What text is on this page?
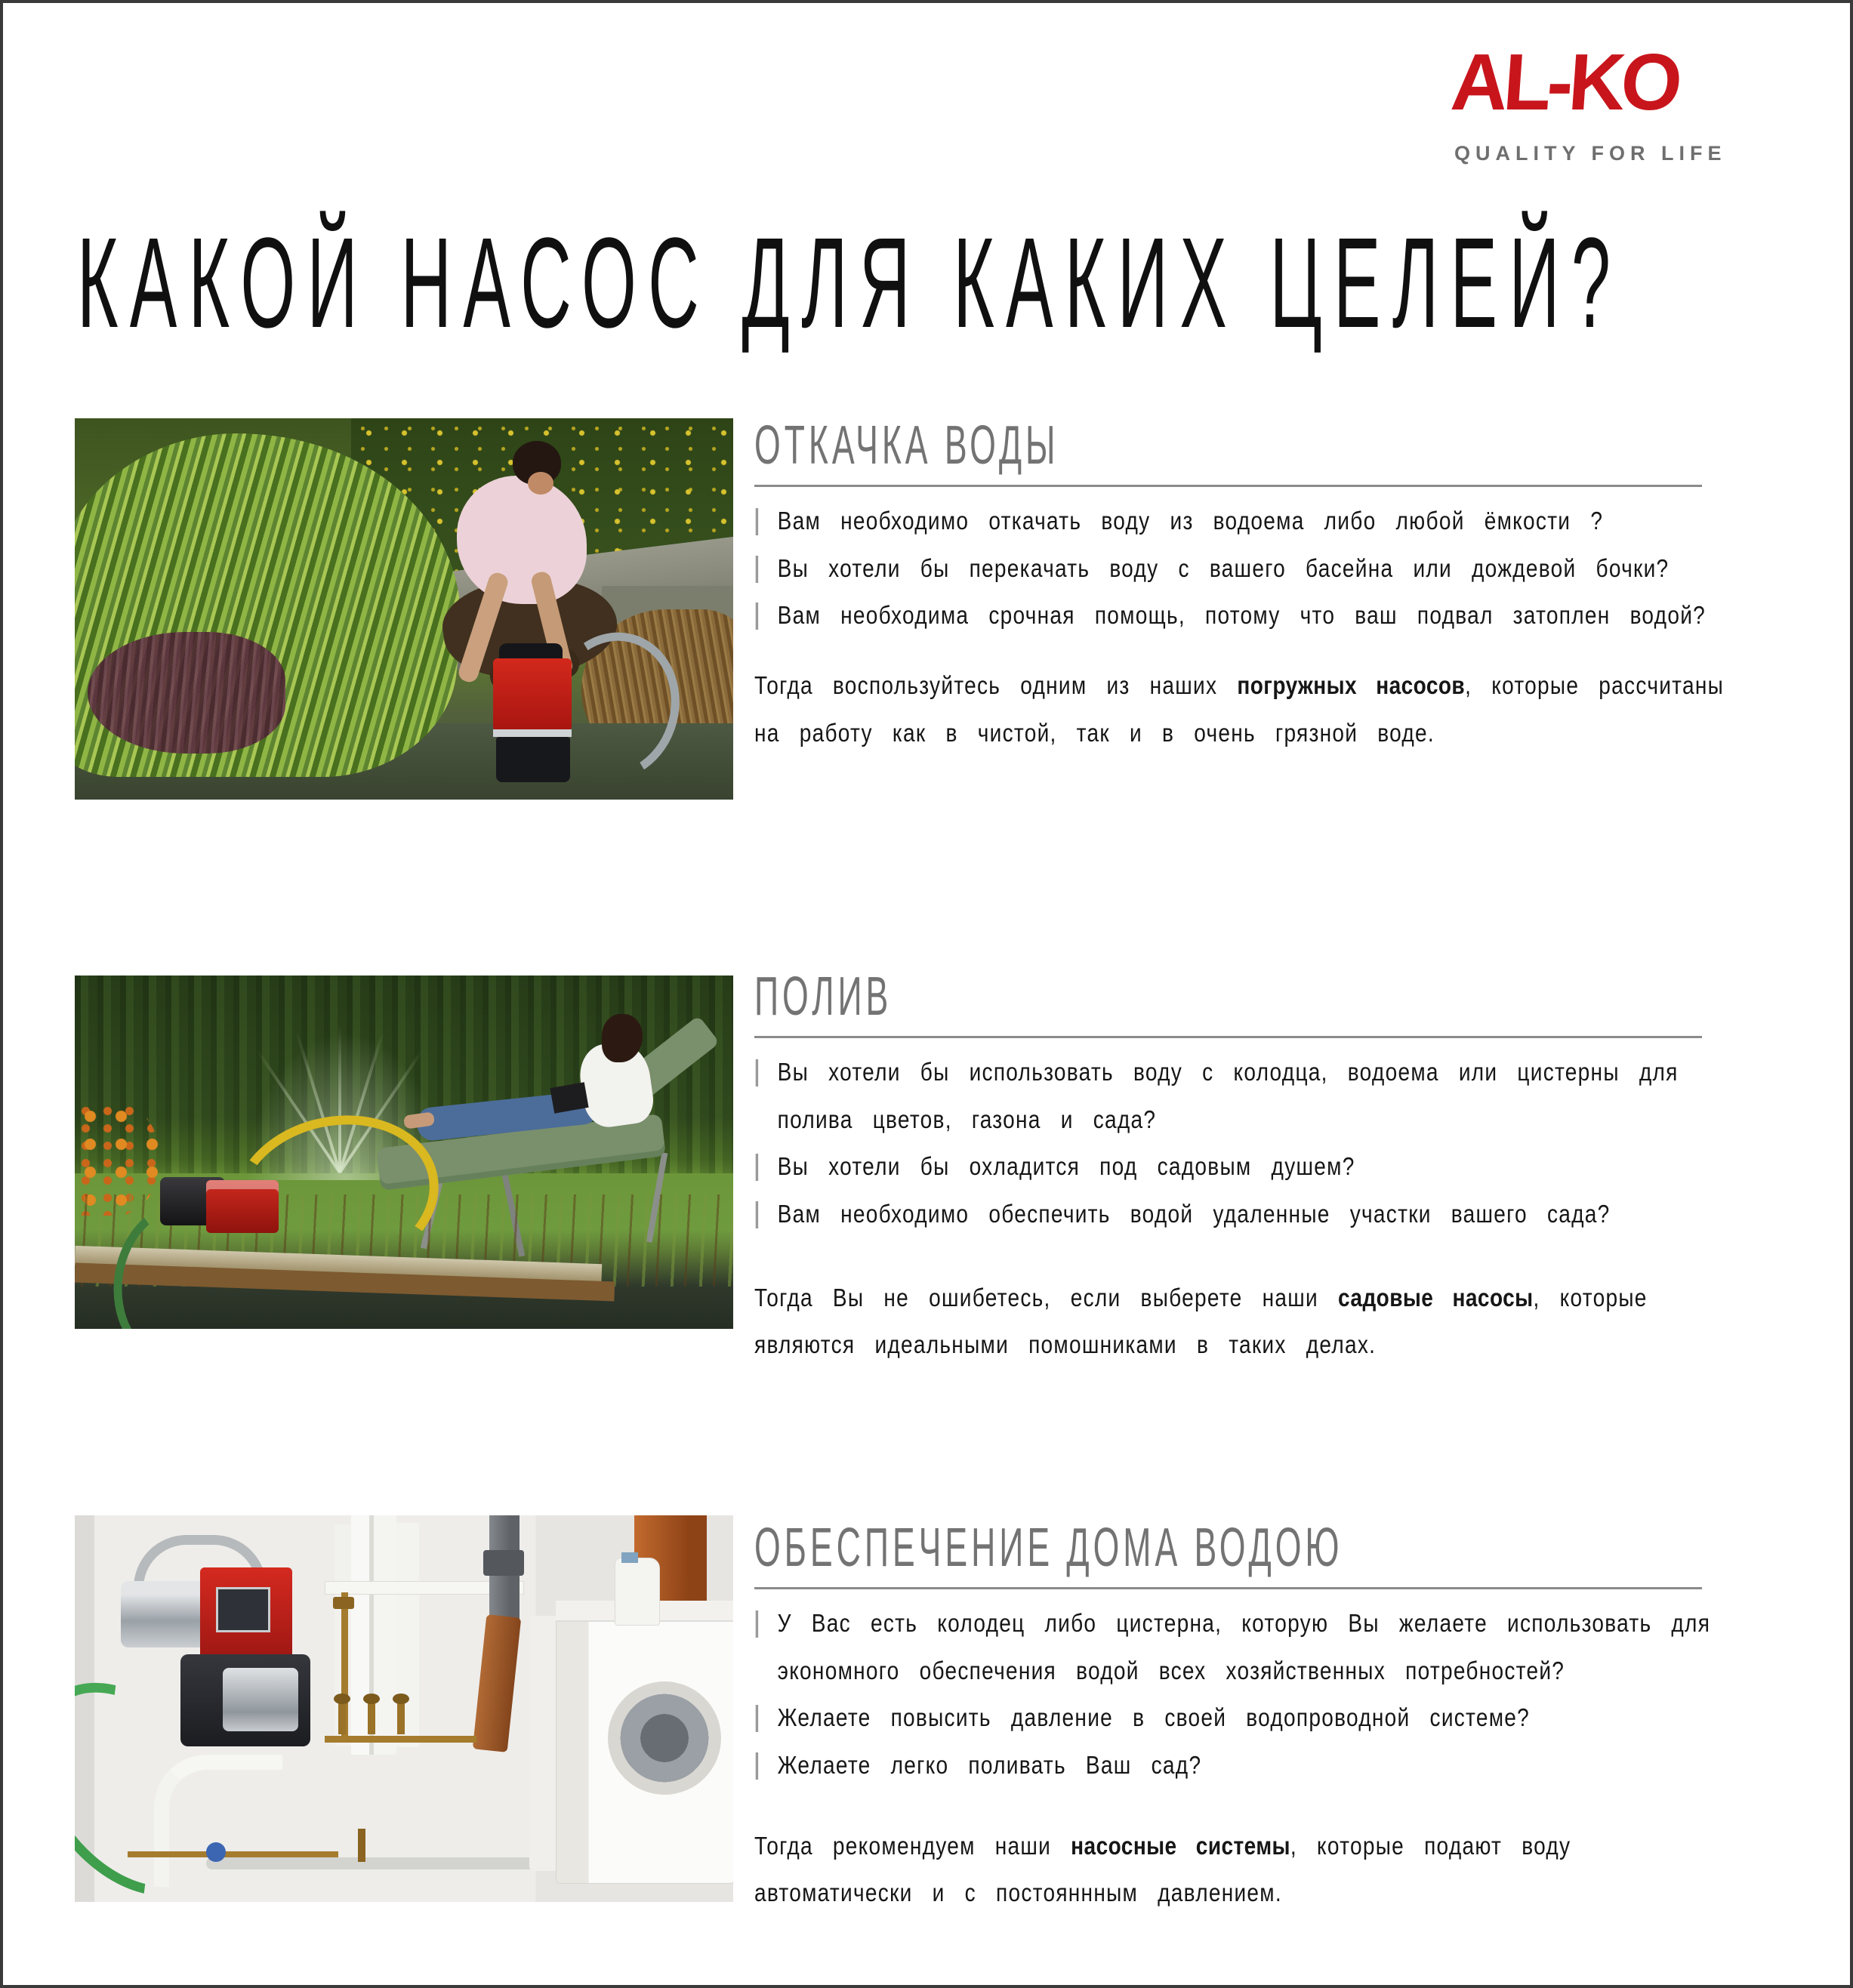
AL-KO
QUALITY FOR LIFE
КАКОЙ НАСОС ДЛЯ КАКИХ ЦЕЛЕЙ?
ОТКАЧКА ВОДЫ
Вам необходимо откачать воду из водоема либо любой ёмкости ?
Вы хотели бы перекачать воду с вашего басейна или дождевой бочки?
Вам необходима срочная помощь, потому что ваш подвал затоплен водой?

Тогда воспользуйтесь одним из наших погружных насосов, которые рассчитаны на работу как в чистой, так и в очень грязной воде.

ПОЛИВ
Вы хотели бы использовать воду с колодца, водоема или цистерны для полива цветов, газона и сада?
Вы хотели бы охладится под садовым душем?
Вам необходимо обеспечить водой удаленные участки вашего сада?

Тогда Вы не ошибетесь, если выберете наши садовые насосы, которые являются идеальными помошниками в таких делах.

ОБЕСПЕЧЕНИЕ ДОМА ВОДОЮ
У Вас есть колодец либо цистерна, которую Вы желаете использовать для экономного обеспечения водой всех хозяйственных потребностей?
Желаете повысить давление в своей водопроводной системе?
Желаете легко поливать Ваш сад?

Тогда рекомендуем наши насосные системы, которые подают воду автоматически и с постояннным давлением.
